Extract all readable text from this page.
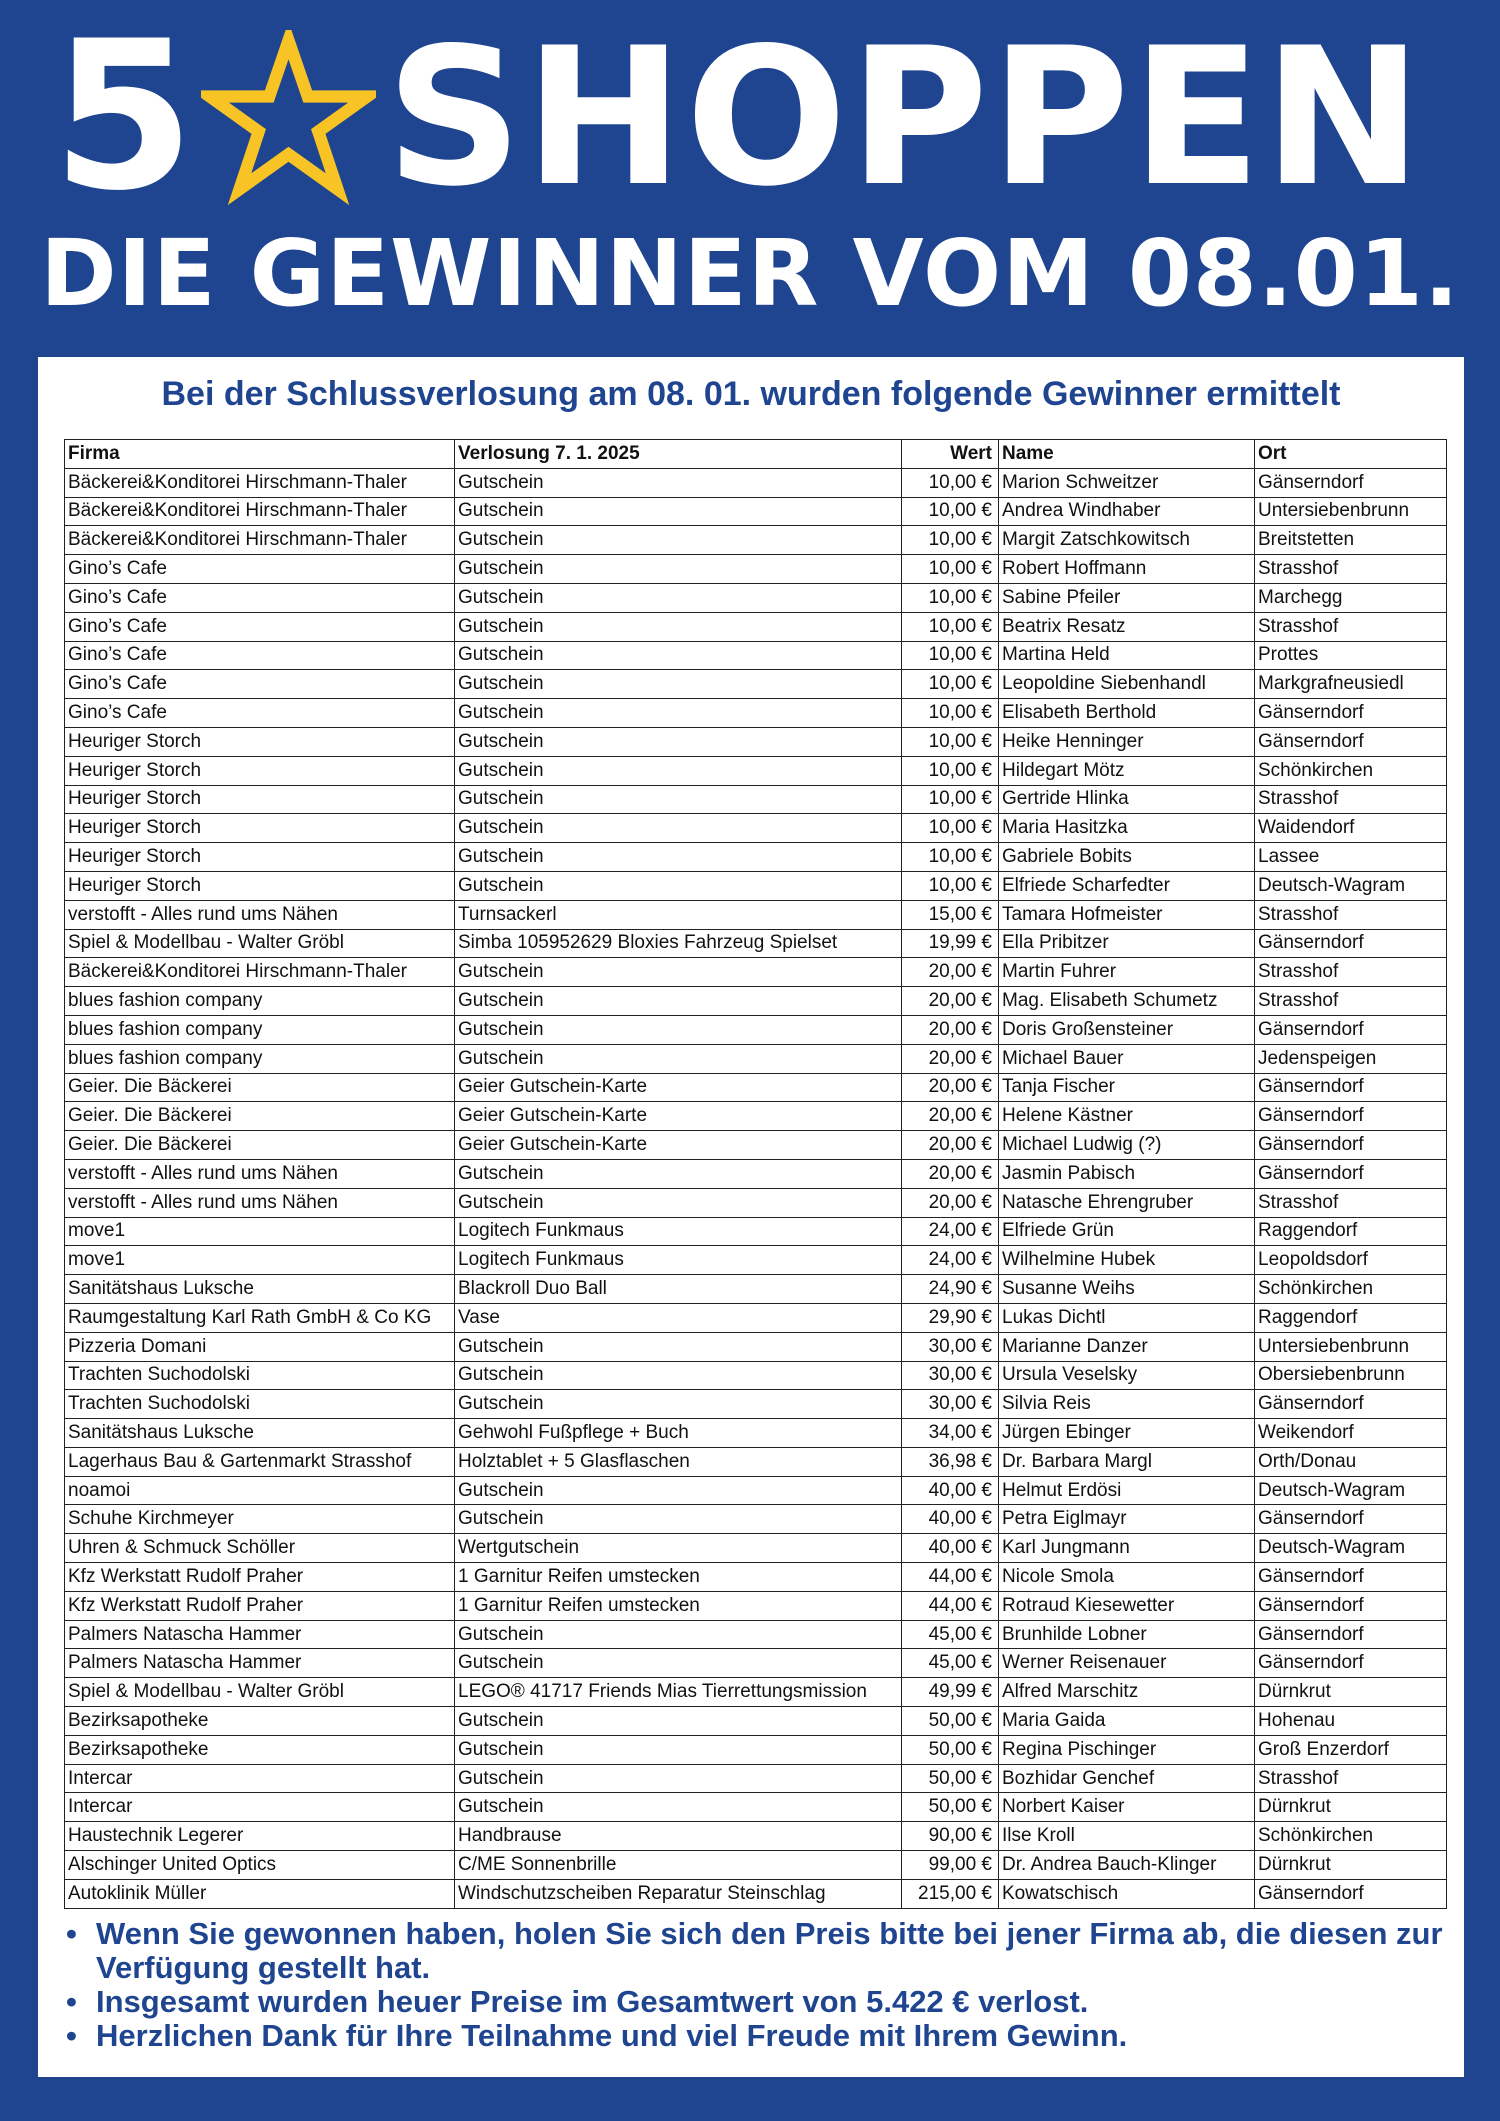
5 SHOPPEN
DIE GEWINNER VOM 08.01.
Bei der Schlussverlosung am 08. 01. wurden folgende Gewinner ermittelt
Firma	Verlosung 7. 1. 2025	Wert	Name	Ort
Bäckerei&Konditorei Hirschmann-Thaler	Gutschein	10,00 €	Marion Schweitzer	Gänserndorf
Bäckerei&Konditorei Hirschmann-Thaler	Gutschein	10,00 €	Andrea Windhaber	Untersiebenbrunn
Bäckerei&Konditorei Hirschmann-Thaler	Gutschein	10,00 €	Margit Zatschkowitsch	Breitstetten
Gino’s Cafe	Gutschein	10,00 €	Robert Hoffmann	Strasshof
Gino’s Cafe	Gutschein	10,00 €	Sabine Pfeiler	Marchegg
Gino’s Cafe	Gutschein	10,00 €	Beatrix Resatz	Strasshof
Gino’s Cafe	Gutschein	10,00 €	Martina Held	Prottes
Gino’s Cafe	Gutschein	10,00 €	Leopoldine Siebenhandl	Markgrafneusiedl
Gino’s Cafe	Gutschein	10,00 €	Elisabeth Berthold	Gänserndorf
Heuriger Storch	Gutschein	10,00 €	Heike Henninger	Gänserndorf
Heuriger Storch	Gutschein	10,00 €	Hildegart Mötz	Schönkirchen
Heuriger Storch	Gutschein	10,00 €	Gertride Hlinka	Strasshof
Heuriger Storch	Gutschein	10,00 €	Maria Hasitzka	Waidendorf
Heuriger Storch	Gutschein	10,00 €	Gabriele Bobits	Lassee
Heuriger Storch	Gutschein	10,00 €	Elfriede Scharfedter	Deutsch-Wagram
verstofft - Alles rund ums Nähen	Turnsackerl	15,00 €	Tamara Hofmeister	Strasshof
Spiel & Modellbau - Walter Gröbl	Simba 105952629 Bloxies Fahrzeug Spielset	19,99 €	Ella Pribitzer	Gänserndorf
Bäckerei&Konditorei Hirschmann-Thaler	Gutschein	20,00 €	Martin Fuhrer	Strasshof
blues fashion company	Gutschein	20,00 €	Mag. Elisabeth Schumetz	Strasshof
blues fashion company	Gutschein	20,00 €	Doris Großensteiner	Gänserndorf
blues fashion company	Gutschein	20,00 €	Michael Bauer	Jedenspeigen
Geier. Die Bäckerei	Geier Gutschein-Karte	20,00 €	Tanja Fischer	Gänserndorf
Geier. Die Bäckerei	Geier Gutschein-Karte	20,00 €	Helene Kästner	Gänserndorf
Geier. Die Bäckerei	Geier Gutschein-Karte	20,00 €	Michael Ludwig (?)	Gänserndorf
verstofft - Alles rund ums Nähen	Gutschein	20,00 €	Jasmin Pabisch	Gänserndorf
verstofft - Alles rund ums Nähen	Gutschein	20,00 €	Natasche Ehrengruber	Strasshof
move1	Logitech Funkmaus	24,00 €	Elfriede Grün	Raggendorf
move1	Logitech Funkmaus	24,00 €	Wilhelmine Hubek	Leopoldsdorf
Sanitätshaus Luksche	Blackroll Duo Ball	24,90 €	Susanne Weihs	Schönkirchen
Raumgestaltung Karl Rath GmbH & Co KG	Vase	29,90 €	Lukas Dichtl	Raggendorf
Pizzeria Domani	Gutschein	30,00 €	Marianne Danzer	Untersiebenbrunn
Trachten Suchodolski	Gutschein	30,00 €	Ursula Veselsky	Obersiebenbrunn
Trachten Suchodolski	Gutschein	30,00 €	Silvia Reis	Gänserndorf
Sanitätshaus Luksche	Gehwohl Fußpflege + Buch	34,00 €	Jürgen Ebinger	Weikendorf
Lagerhaus Bau & Gartenmarkt Strasshof	Holztablet + 5 Glasflaschen	36,98 €	Dr. Barbara Margl	Orth/Donau
noamoi	Gutschein	40,00 €	Helmut Erdösi	Deutsch-Wagram
Schuhe Kirchmeyer	Gutschein	40,00 €	Petra Eiglmayr	Gänserndorf
Uhren & Schmuck Schöller	Wertgutschein	40,00 €	Karl Jungmann	Deutsch-Wagram
Kfz Werkstatt Rudolf Praher	1 Garnitur Reifen umstecken	44,00 €	Nicole Smola	Gänserndorf
Kfz Werkstatt Rudolf Praher	1 Garnitur Reifen umstecken	44,00 €	Rotraud Kiesewetter	Gänserndorf
Palmers Natascha Hammer	Gutschein	45,00 €	Brunhilde Lobner	Gänserndorf
Palmers Natascha Hammer	Gutschein	45,00 €	Werner Reisenauer	Gänserndorf
Spiel & Modellbau - Walter Gröbl	LEGO® 41717 Friends Mias Tierrettungsmission	49,99 €	Alfred Marschitz	Dürnkrut
Bezirksapotheke	Gutschein	50,00 €	Maria Gaida	Hohenau
Bezirksapotheke	Gutschein	50,00 €	Regina Pischinger	Groß Enzerdorf
Intercar	Gutschein	50,00 €	Bozhidar Genchef	Strasshof
Intercar	Gutschein	50,00 €	Norbert Kaiser	Dürnkrut
Haustechnik Legerer	Handbrause	90,00 €	Ilse Kroll	Schönkirchen
Alschinger United Optics	C/ME Sonnenbrille	99,00 €	Dr. Andrea Bauch-Klinger	Dürnkrut
Autoklinik Müller	Windschutzscheiben Reparatur Steinschlag	215,00 €	Kowatschisch	Gänserndorf
• Wenn Sie gewonnen haben, holen Sie sich den Preis bitte bei jener Firma ab, die diesen zur Verfügung gestellt hat.
• Insgesamt wurden heuer Preise im Gesamtwert von 5.422 € verlost.
• Herzlichen Dank für Ihre Teilnahme und viel Freude mit Ihrem Gewinn.
